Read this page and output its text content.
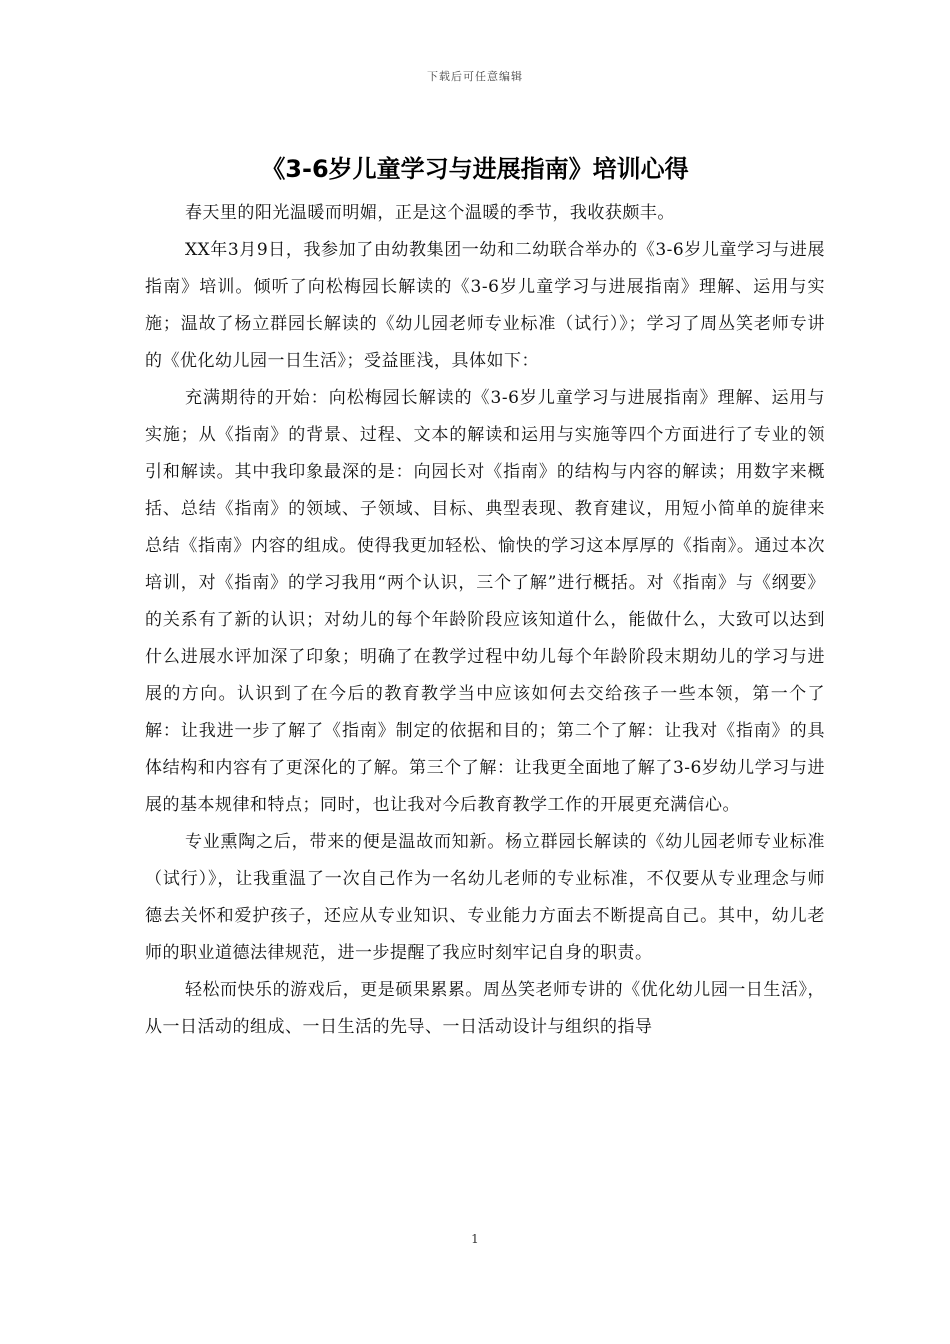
下载后可任意编辑
《3-6岁儿童学习与进展指南》培训心得

春天里的阳光温暖而明媚，正是这个温暖的季节，我收获颇丰。

XX年3月9日，我参加了由幼教集团一幼和二幼联合举办的《3-6岁儿童学习与进展指南》培训。倾听了向松梅园长解读的《3-6岁儿童学习与进展指南》理解、运用与实施；温故了杨立群园长解读的《幼儿园老师专业标准（试行）》；学习了周丛笑老师专讲的《优化幼儿园一日生活》；受益匪浅，具体如下：

充满期待的开始：向松梅园长解读的《3-6岁儿童学习与进展指南》理解、运用与实施；从《指南》的背景、过程、文本的解读和运用与实施等四个方面进行了专业的领引和解读。其中我印象最深的是：向园长对《指南》的结构与内容的解读；用数字来概括、总结《指南》的领域、子领域、目标、典型表现、教育建议，用短小简单的旋律来总结《指南》内容的组成。使得我更加轻松、愉快的学习这本厚厚的《指南》。通过本次培训，对《指南》的学习我用“两个认识，三个了解”进行概括。对《指南》与《纲要》的关系有了新的认识；对幼儿的每个年龄阶段应该知道什么，能做什么，大致可以达到什么进展水评加深了印象；明确了在教学过程中幼儿每个年龄阶段末期幼儿的学习与进展的方向。认识到了在今后的教育教学当中应该如何去交给孩子一些本领，第一个了解：让我进一步了解了《指南》制定的依据和目的；第二个了解：让我对《指南》的具体结构和内容有了更深化的了解。第三个了解：让我更全面地了解了3-6岁幼儿学习与进展的基本规律和特点；同时，也让我对今后教育教学工作的开展更充满信心。

专业熏陶之后，带来的便是温故而知新。杨立群园长解读的《幼儿园老师专业标准（试行）》，让我重温了一次自己作为一名幼儿老师的专业标准，不仅要从专业理念与师德去关怀和爱护孩子，还应从专业知识、专业能力方面去不断提高自己。其中，幼儿老师的职业道德法律规范，进一步提醒了我应时刻牢记自身的职责。

轻松而快乐的游戏后，更是硕果累累。周丛笑老师专讲的《优化幼儿园一日生活》，从一日活动的组成、一日生活的先导、一日活动设计与组织的指导

1
